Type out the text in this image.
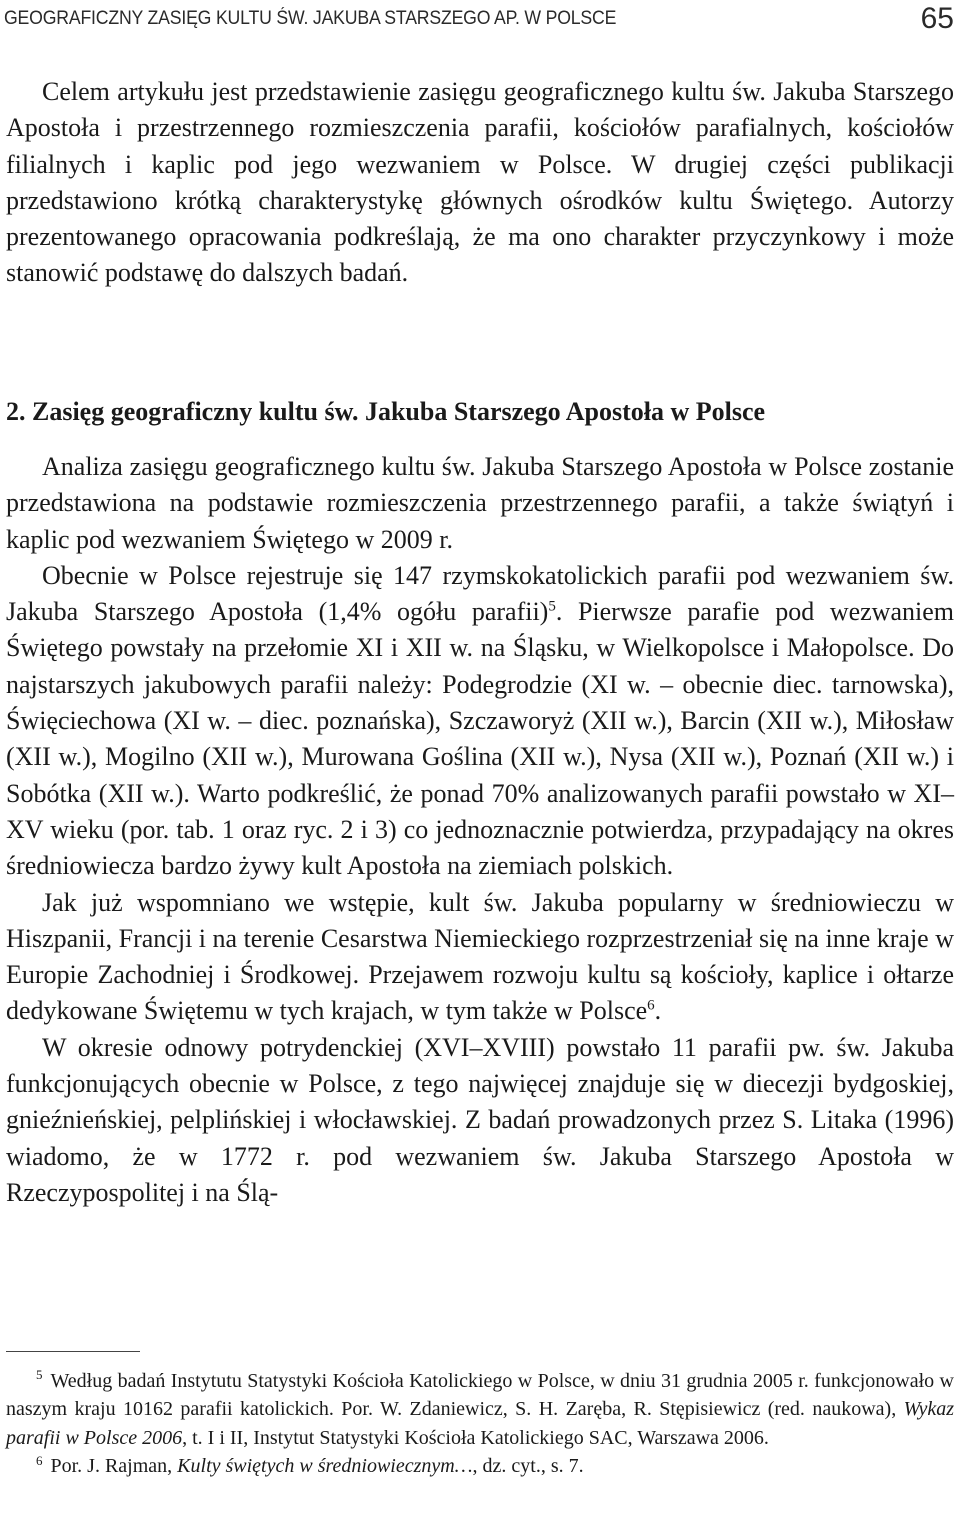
GEOGRAFICZNY ZASIĘG KULTU ŚW. JAKUBA STARSZEGO AP. W POLSCE	65

Celem artykułu jest przedstawienie zasięgu geograficznego kultu św. Jakuba Starszego Apostoła i przestrzennego rozmieszczenia parafii, kościołów parafialnych, kościołów filialnych i kaplic pod jego wezwaniem w Polsce. W drugiej części publikacji przedstawiono krótką charakterystykę głównych ośrodków kultu Świętego. Autorzy prezentowanego opracowania podkreślają, że ma ono charakter przyczynkowy i może stanowić podstawę do dalszych badań.

2. Zasięg geograficzny kultu św. Jakuba Starszego Apostoła w Polsce

Analiza zasięgu geograficznego kultu św. Jakuba Starszego Apostoła w Polsce zostanie przedstawiona na podstawie rozmieszczenia przestrzennego parafii, a także świątyń i kaplic pod wezwaniem Świętego w 2009 r.

Obecnie w Polsce rejestruje się 147 rzymskokatolickich parafii pod wezwaniem św. Jakuba Starszego Apostoła (1,4% ogółu parafii)$^5$. Pierwsze parafie pod wezwaniem Świętego powstały na przełomie XI i XII w. na Śląsku, w Wielkopolsce i Małopolsce. Do najstarszych jakubowych parafii należy: Podegrodzie (XI w. – obecnie diec. tarnowska), Święciechowa (XI w. – diec. poznańska), Szczaworyż (XII w.), Barcin (XII w.), Miłosław (XII w.), Mogilno (XII w.), Murowana Goślina (XII w.), Nysa (XII w.), Poznań (XII w.) i Sobótka (XII w.). Warto podkreślić, że ponad 70% analizowanych parafii powstało w XI–XV wieku (por. tab. 1 oraz ryc. 2 i 3) co jednoznacznie potwierdza, przypadający na okres średniowiecza bardzo żywy kult Apostoła na ziemiach polskich.

Jak już wspomniano we wstępie, kult św. Jakuba popularny w średniowieczu w Hiszpanii, Francji i na terenie Cesarstwa Niemieckiego rozprzestrzeniał się na inne kraje w Europie Zachodniej i Środkowej. Przejawem rozwoju kultu są kościoły, kaplice i ołtarze dedykowane Świętemu w tych krajach, w tym także w Polsce$^6$.

W okresie odnowy potrydenckiej (XVI–XVIII) powstało 11 parafii pw. św. Jakuba funkcjonujących obecnie w Polsce, z tego najwięcej znajduje się w diecezji bydgoskiej, gnieźnieńskiej, pelplińskiej i włocławskiej. Z badań prowadzonych przez S. Litaka (1996) wiadomo, że w 1772 r. pod wezwaniem św. Jakuba Starszego Apostoła w Rzeczypospolitej i na Ślą-

$^5$ Według badań Instytutu Statystyki Kościoła Katolickiego w Polsce, w dniu 31 grudnia 2005 r. funkcjonowało w naszym kraju 10162 parafii katolickich. Por. W. Zdaniewicz, S. H. Zaręba, R. Stępisiewicz (red. naukowa), Wykaz parafii w Polsce 2006, t. I i II, Instytut Statystyki Kościoła Katolickiego SAC, Warszawa 2006.

$^6$ Por. J. Rajman, Kulty świętych w średniowiecznym…, dz. cyt., s. 7.
